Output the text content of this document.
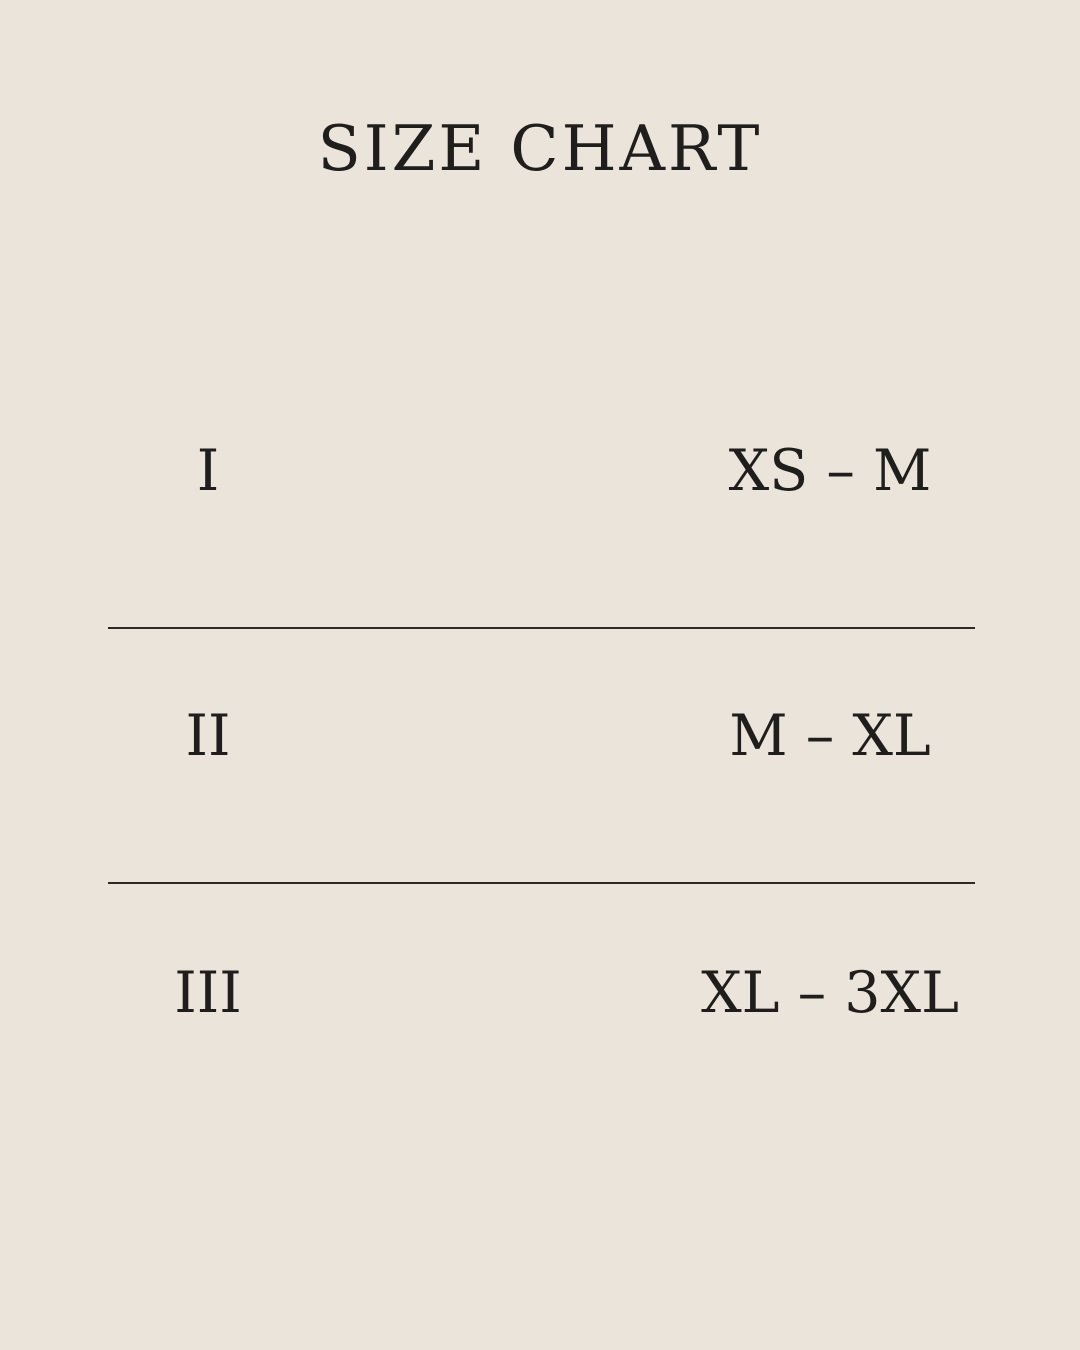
SIZE CHART
I	XS – M
II	M – XL
III	XL – 3XL
